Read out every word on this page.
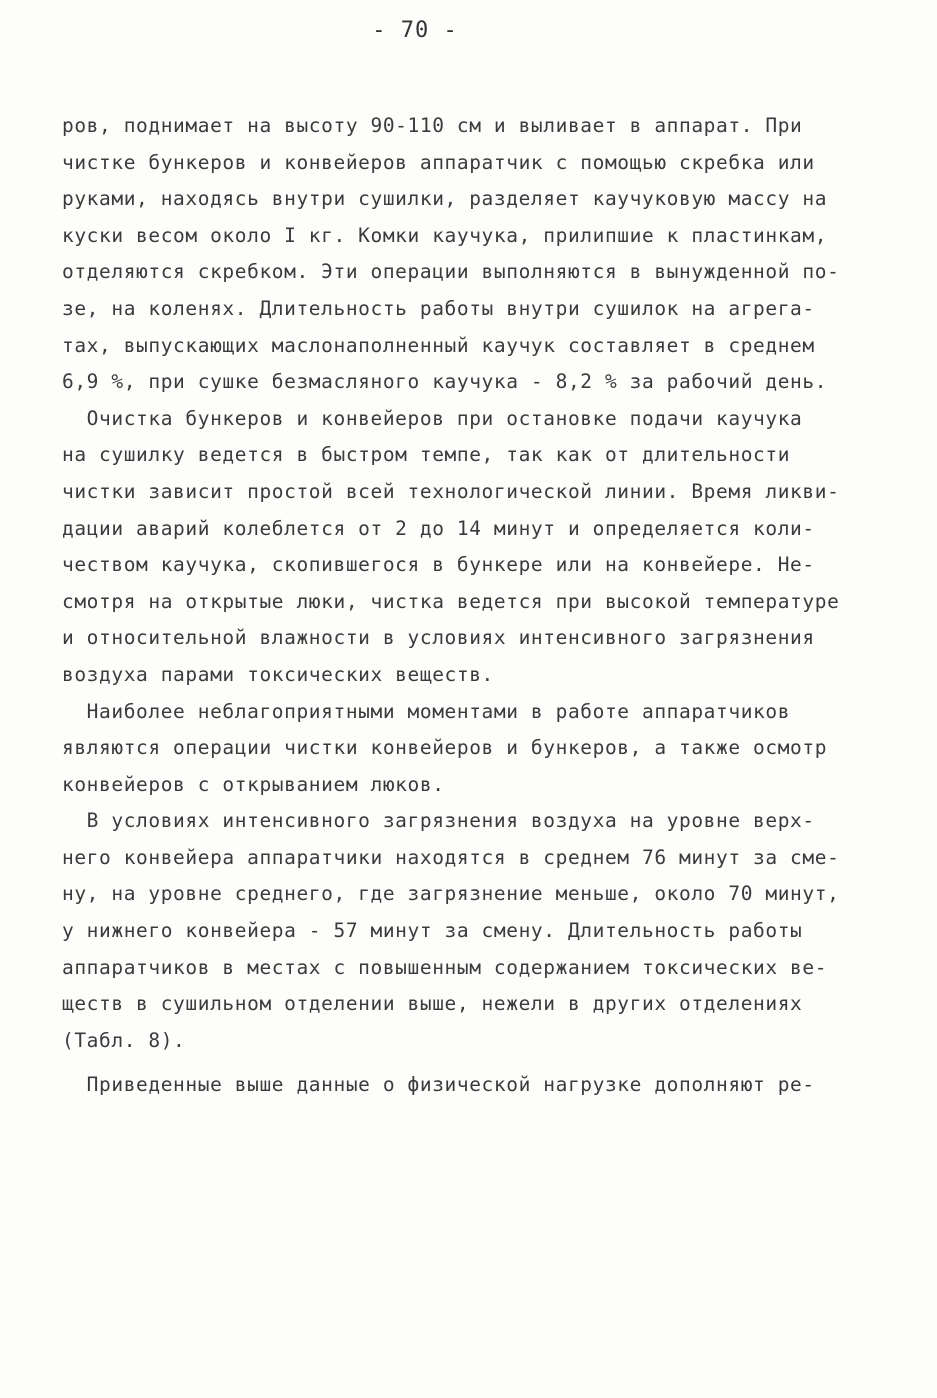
- 70 -
ров, поднимает на высоту 90-110 см и выливает в аппарат. При
чистке бункеров и конвейеров аппаратчик с помощью скребка или
руками, находясь внутри сушилки, разделяет каучуковую массу на
куски весом около I кг. Комки каучука, прилипшие к пластинкам,
отделяются скребком. Эти операции выполняются в вынужденной по-
зе, на коленях. Длительность работы внутри сушилок на агрега-
тах, выпускающих маслонаполненный каучук составляет в среднем
6,9 %, при сушке безмасляного каучука - 8,2 % за рабочий день.
Очистка бункеров и конвейеров при остановке подачи каучука
на сушилку ведется в быстром темпе, так как от длительности
чистки зависит простой всей технологической линии. Время ликви-
дации аварий колеблется от 2 до 14 минут и определяется коли-
чеством каучука, скопившегося в бункере или на конвейере. Не-
смотря на открытые люки, чистка ведется при высокой температуре
и относительной влажности в условиях интенсивного загрязнения
воздуха парами токсических веществ.
Наиболее неблагоприятными моментами в работе аппаратчиков
являются операции чистки конвейеров и бункеров, а также осмотр
конвейеров с открыванием люков.
В условиях интенсивного загрязнения воздуха на уровне верх-
него конвейера аппаратчики находятся в среднем 76 минут за сме-
ну, на уровне среднего, где загрязнение меньше, около 70 минут,
у нижнего конвейера - 57 минут за смену. Длительность работы
аппаратчиков в местах с повышенным содержанием токсических ве-
ществ в сушильном отделении выше, нежели в других отделениях
(Табл. 8).
Приведенные выше данные о физической нагрузке дополняют ре-
